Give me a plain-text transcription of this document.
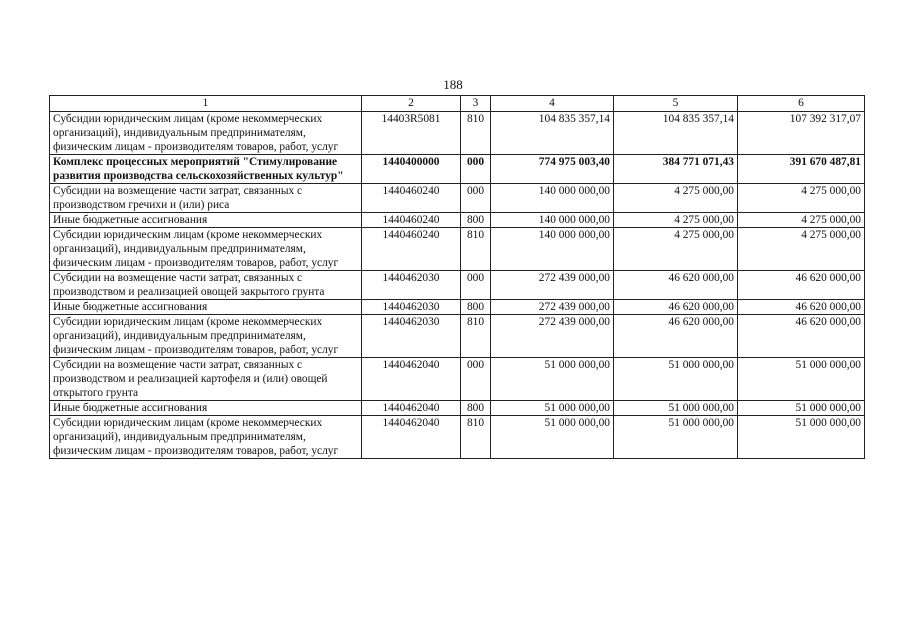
188
1	2	3	4	5	6
Субсидии юридическим лицам (кроме некоммерческих организаций), индивидуальным предпринимателям, физическим лицам - производителям товаров, работ, услуг	14403R5081	810	104 835 357,14	104 835 357,14	107 392 317,07
Комплекс процессных мероприятий "Стимулирование развития производства сельскохозяйственных культур"	1440400000	000	774 975 003,40	384 771 071,43	391 670 487,81
Субсидии на возмещение части затрат, связанных с производством гречихи и (или) риса	1440460240	000	140 000 000,00	4 275 000,00	4 275 000,00
Иные бюджетные ассигнования	1440460240	800	140 000 000,00	4 275 000,00	4 275 000,00
Субсидии юридическим лицам (кроме некоммерческих организаций), индивидуальным предпринимателям, физическим лицам - производителям товаров, работ, услуг	1440460240	810	140 000 000,00	4 275 000,00	4 275 000,00
Субсидии на возмещение части затрат, связанных с производством и реализацией овощей закрытого грунта	1440462030	000	272 439 000,00	46 620 000,00	46 620 000,00
Иные бюджетные ассигнования	1440462030	800	272 439 000,00	46 620 000,00	46 620 000,00
Субсидии юридическим лицам (кроме некоммерческих организаций), индивидуальным предпринимателям, физическим лицам - производителям товаров, работ, услуг	1440462030	810	272 439 000,00	46 620 000,00	46 620 000,00
Субсидии на возмещение части затрат, связанных с производством и реализацией картофеля и (или) овощей открытого грунта	1440462040	000	51 000 000,00	51 000 000,00	51 000 000,00
Иные бюджетные ассигнования	1440462040	800	51 000 000,00	51 000 000,00	51 000 000,00
Субсидии юридическим лицам (кроме некоммерческих организаций), индивидуальным предпринимателям, физическим лицам - производителям товаров, работ, услуг	1440462040	810	51 000 000,00	51 000 000,00	51 000 000,00
